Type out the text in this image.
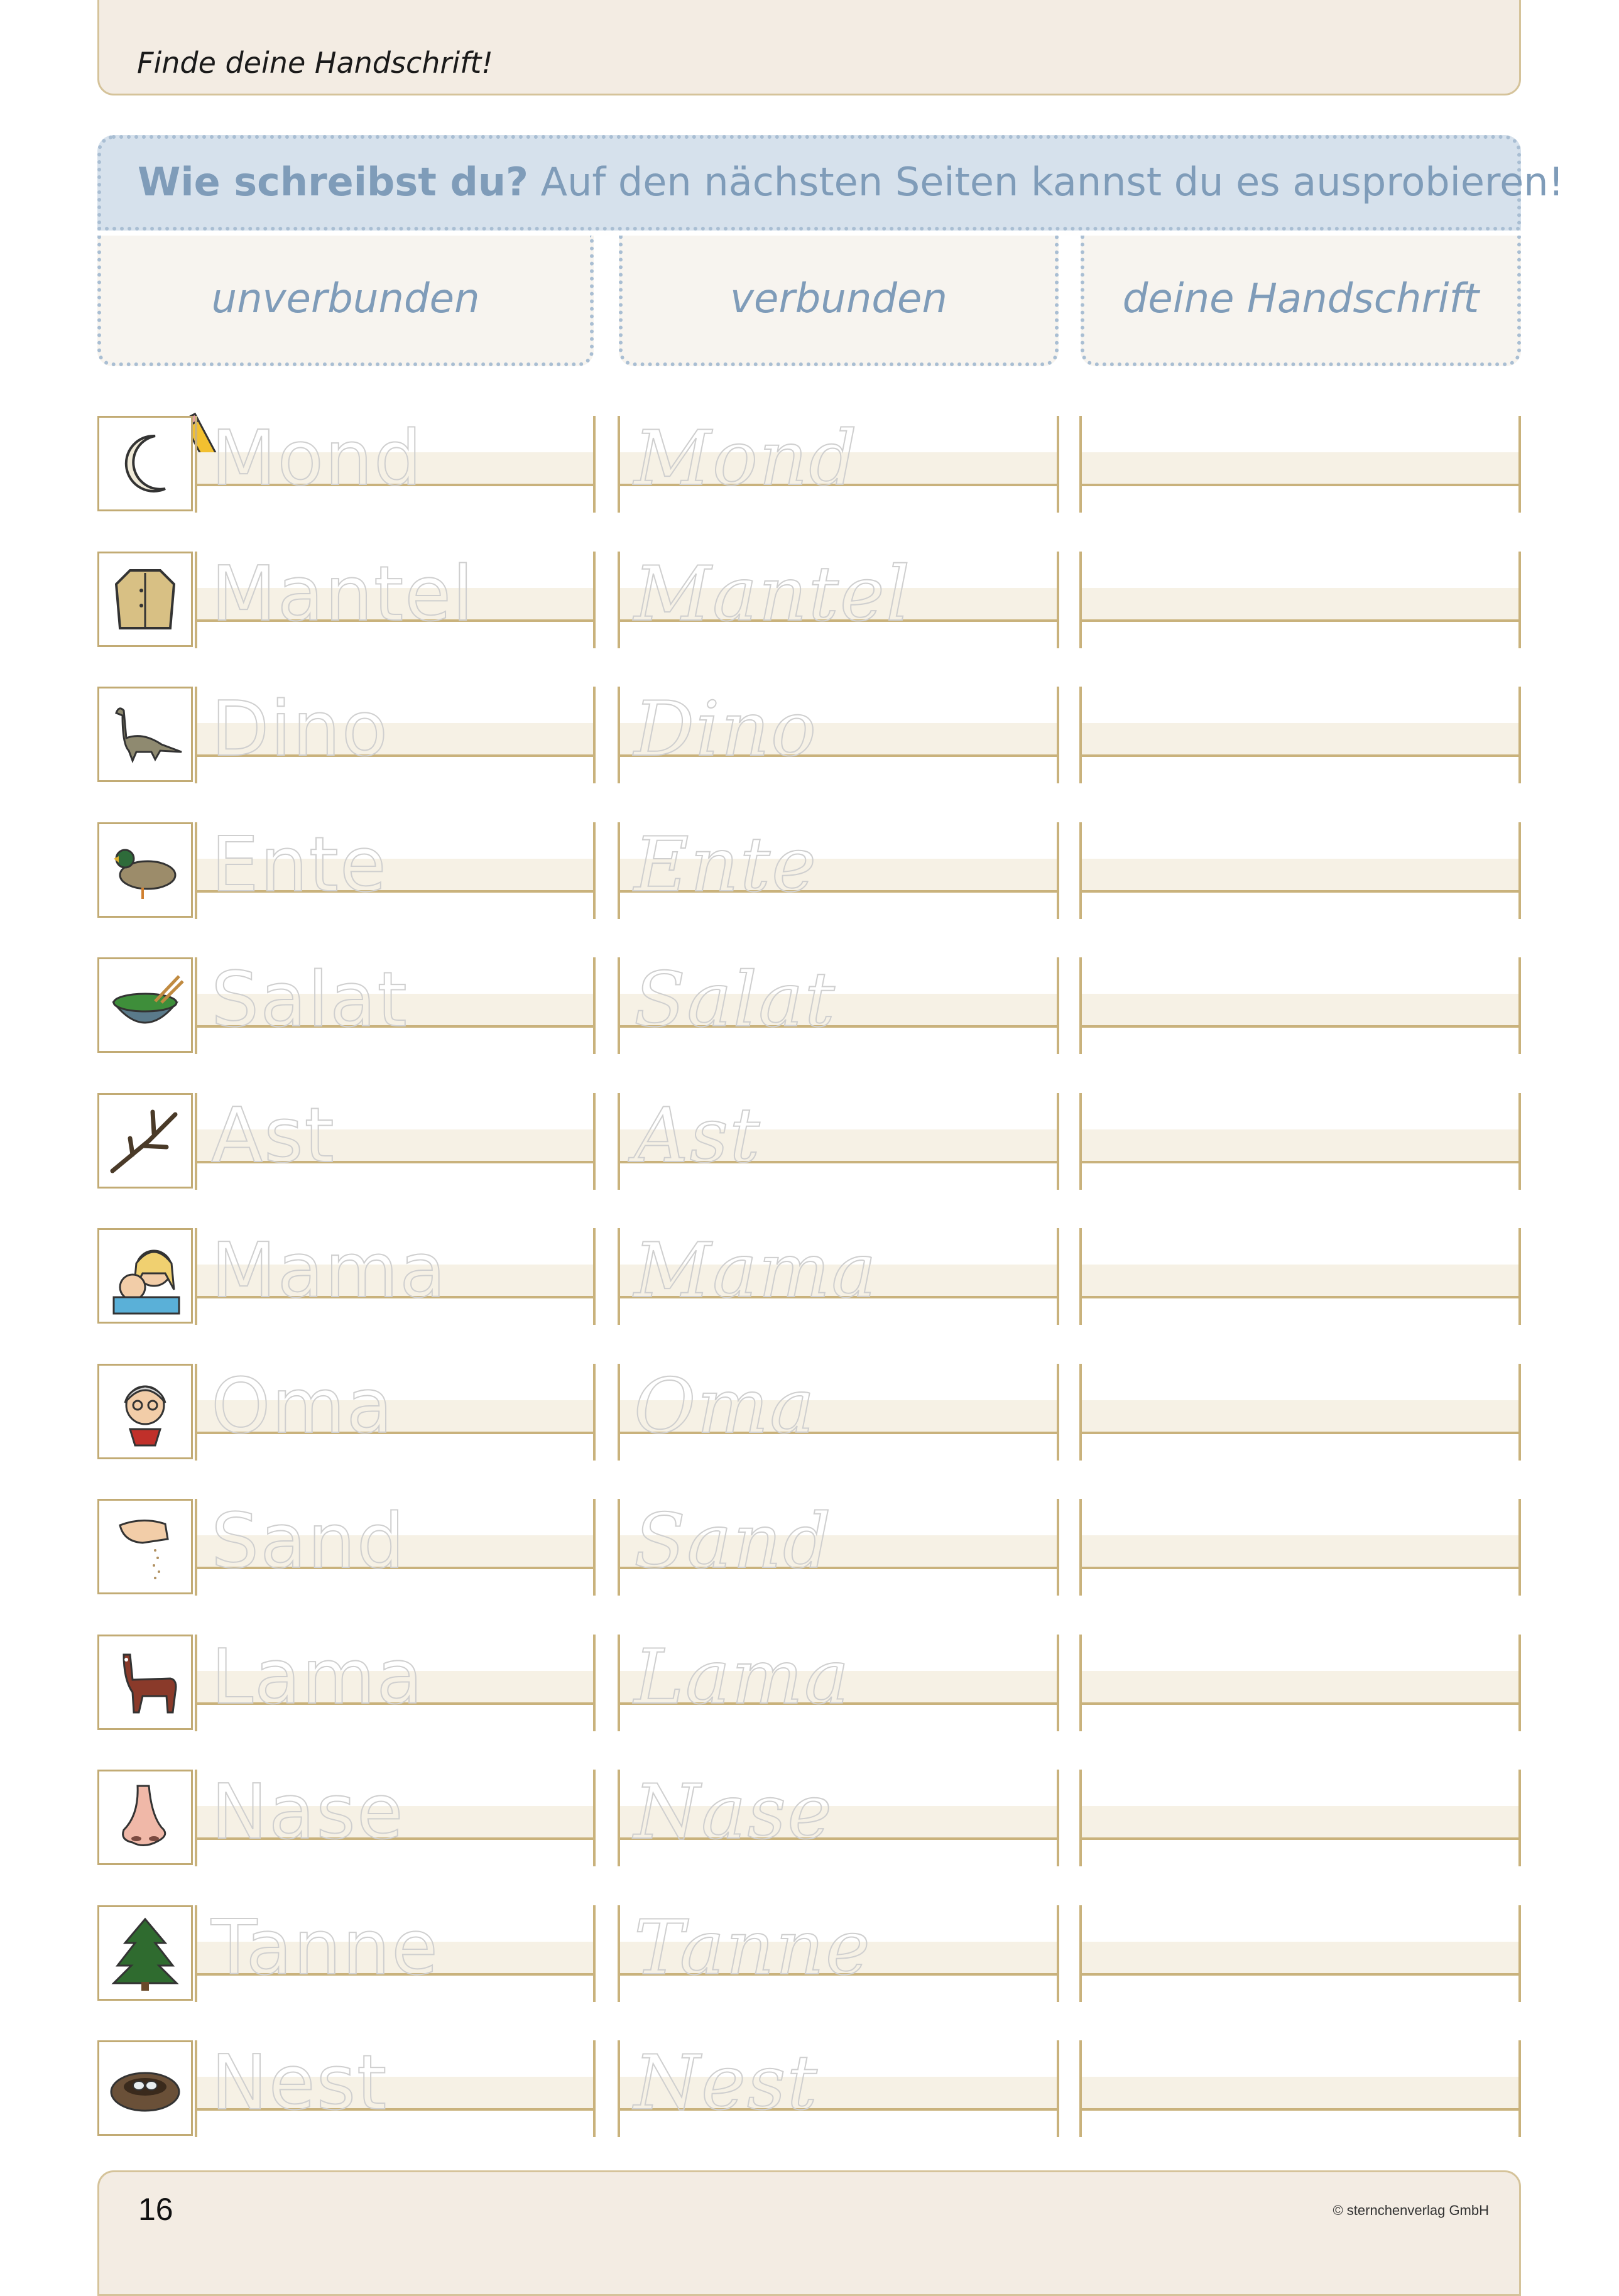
Finde deine Handschrift!
Wie schreibst du? Auf den nächsten Seiten kannst du es ausprobieren!
unverbunden	verbunden	deine Handschrift
Mond	Mond
Mantel Mantel
Dino	Dino
Ente	Ente
Salat	Salat
Ast	Ast
Mama Mama
Oma	Oma
Sand	Sand
Lama	Lama
Nase	Nase
Tanne	Tanne
Nest	Nest
16	© sternchenverlag GmbH
